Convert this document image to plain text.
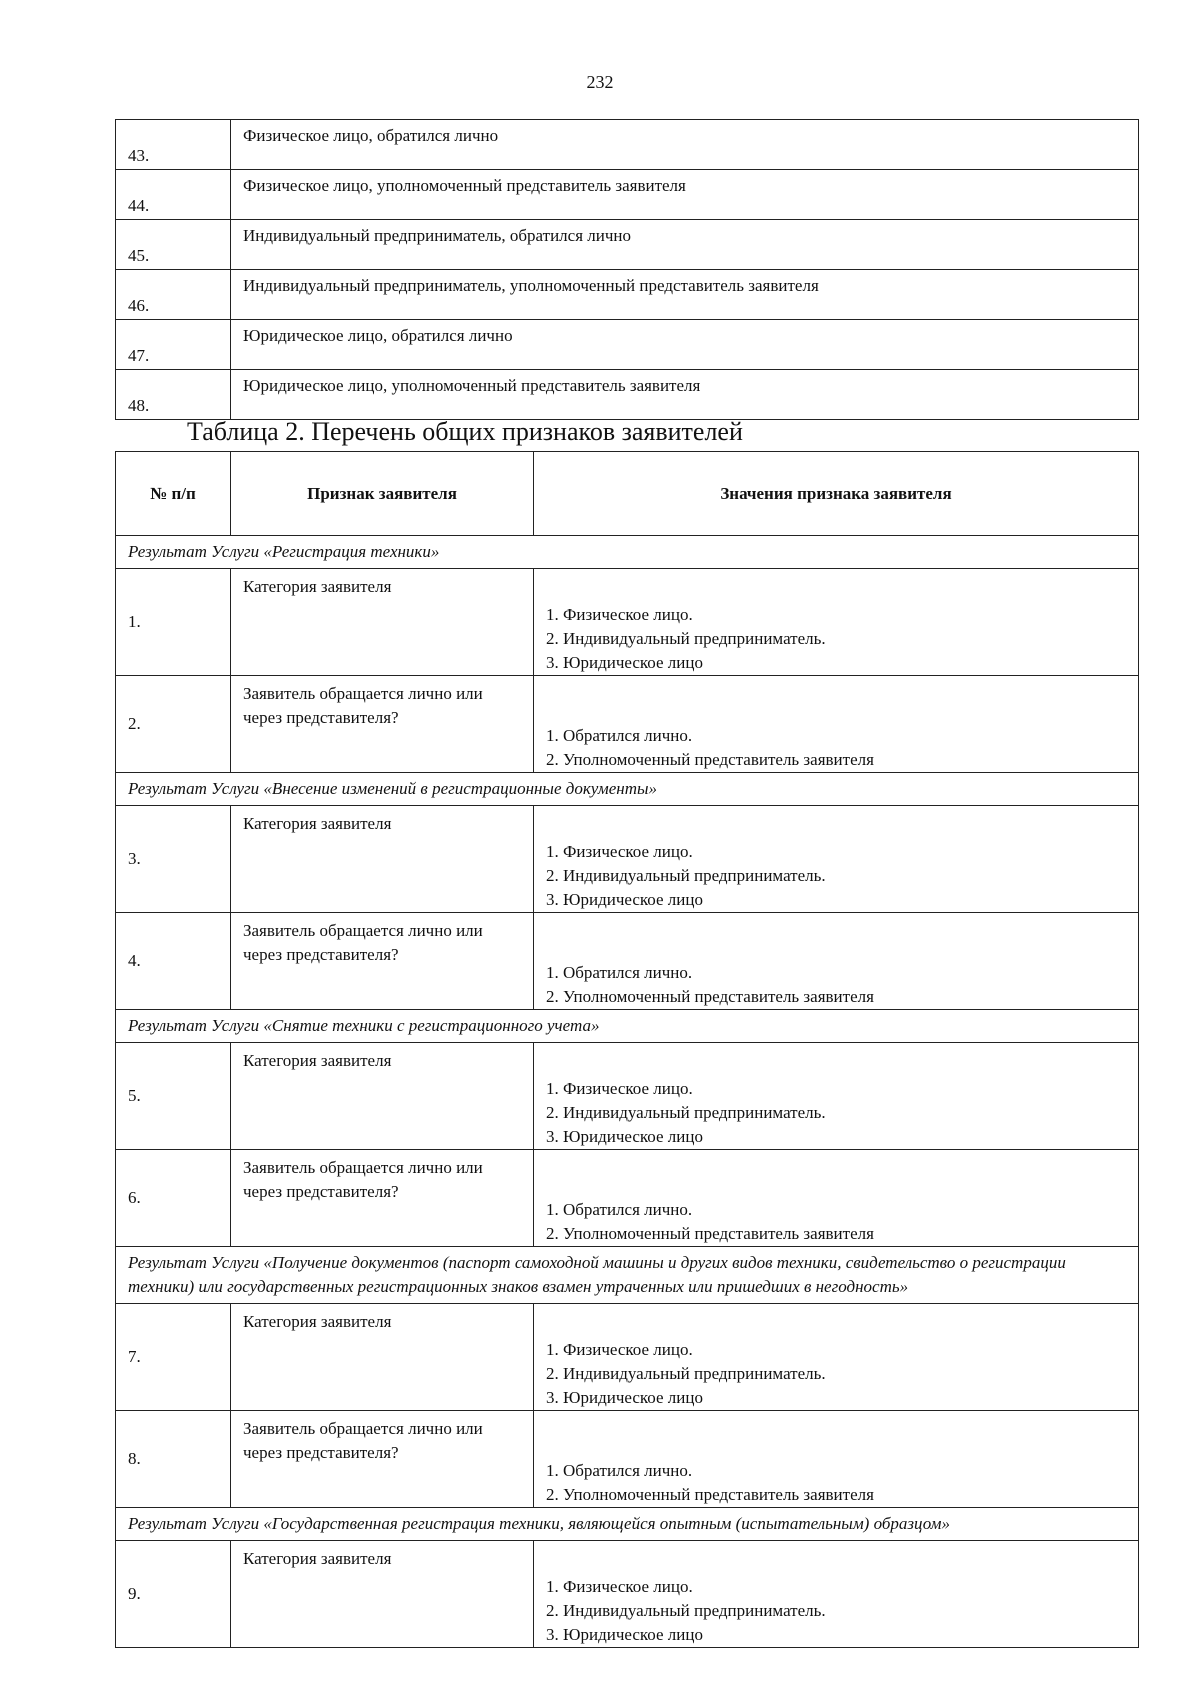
232
43.	Физическое лицо, обратился лично
44.	Физическое лицо, уполномоченный представитель заявителя
45.	Индивидуальный предприниматель, обратился лично
46.	Индивидуальный предприниматель, уполномоченный представитель заявителя
47.	Юридическое лицо, обратился лично
48.	Юридическое лицо, уполномоченный представитель заявителя
Таблица 2. Перечень общих признаков заявителей
№ п/п	Признак заявителя	Значения признака заявителя
Результат Услуги «Регистрация техники»		
1.	Категория заявителя	1. Физическое лицо.
2. Индивидуальный предприниматель.
3. Юридическое лицо

2.	Заявитель обращается лично или через представителя?	1. Обратился лично.
2. Уполномоченный представитель заявителя

Результат Услуги «Внесение изменений в регистрационные документы»		
3.	Категория заявителя	1. Физическое лицо.
2. Индивидуальный предприниматель.
3. Юридическое лицо

4.	Заявитель обращается лично или через представителя?	1. Обратился лично.
2. Уполномоченный представитель заявителя

Результат Услуги «Снятие техники с регистрационного учета»		
5.	Категория заявителя	1. Физическое лицо.
2. Индивидуальный предприниматель.
3. Юридическое лицо

6.	Заявитель обращается лично или через представителя?	1. Обратился лично.
2. Уполномоченный представитель заявителя

Результат Услуги «Получение документов (паспорт самоходной машины и других видов техники, свидетельство о регистрации техники) или государственных регистрационных знаков взамен утраченных или пришедших в негодность»		
7.	Категория заявителя	1. Физическое лицо.
2. Индивидуальный предприниматель.
3. Юридическое лицо

8.	Заявитель обращается лично или через представителя?	1. Обратился лично.
2. Уполномоченный представитель заявителя

Результат Услуги «Государственная регистрация техники, являющейся опытным (испытательным) образцом»		
9.	Категория заявителя	1. Физическое лицо.
2. Индивидуальный предприниматель.
3. Юридическое лицо
